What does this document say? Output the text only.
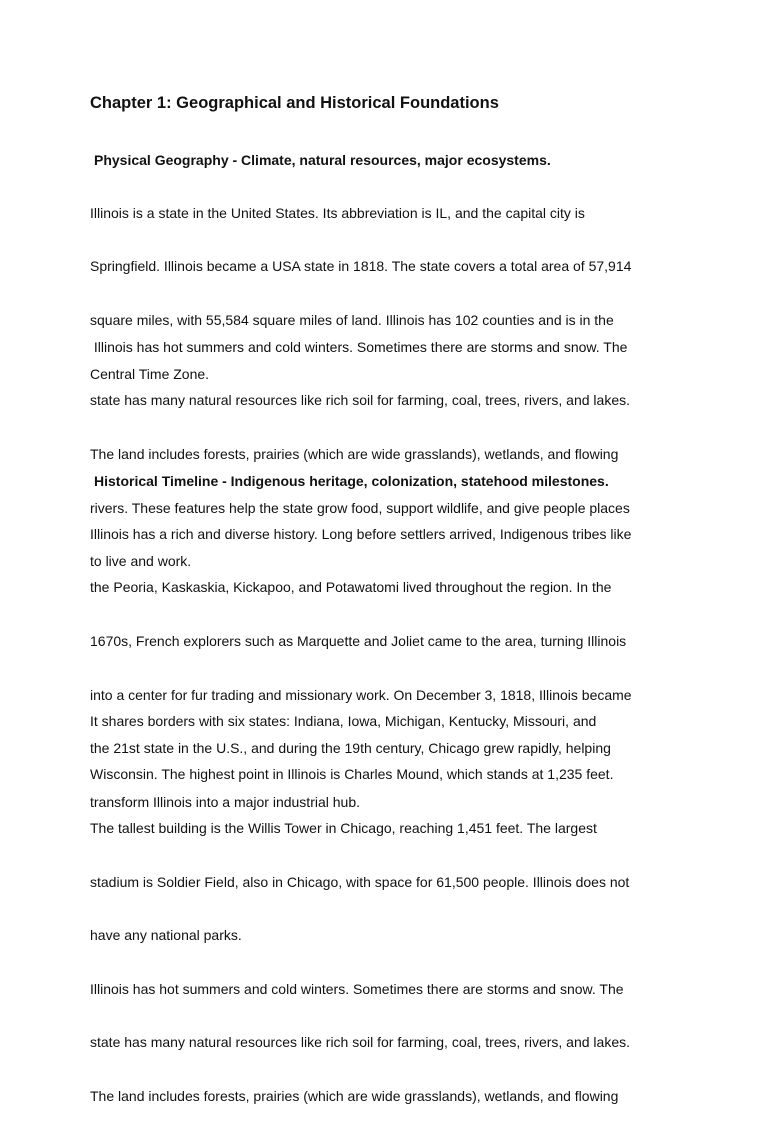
Chapter 1: Geographical and Historical Foundations
Physical Geography - Climate, natural resources, major ecosystems.

Illinois is a state in the United States. Its abbreviation is IL, and the capital city is

Springfield. Illinois became a USA state in 1818. The state covers a total area of 57,914

square miles, with 55,584 square miles of land. Illinois has 102 counties and is in the

Central Time Zone.

Illinois has hot summers and cold winters. Sometimes there are storms and snow. The

state has many natural resources like rich soil for farming, coal, trees, rivers, and lakes.

The land includes forests, prairies (which are wide grasslands), wetlands, and flowing

rivers. These features help the state grow food, support wildlife, and give people places

to live and work.

Historical Timeline - Indigenous heritage, colonization, statehood milestones.

Illinois has a rich and diverse history. Long before settlers arrived, Indigenous tribes like

the Peoria, Kaskaskia, Kickapoo, and Potawatomi lived throughout the region. In the

1670s, French explorers such as Marquette and Joliet came to the area, turning Illinois

into a center for fur trading and missionary work. On December 3, 1818, Illinois became

the 21st state in the U.S., and during the 19th century, Chicago grew rapidly, helping

transform Illinois into a major industrial hub.

It shares borders with six states: Indiana, Iowa, Michigan, Kentucky, Missouri, and

Wisconsin. The highest point in Illinois is Charles Mound, which stands at 1,235 feet.

The tallest building is the Willis Tower in Chicago, reaching 1,451 feet. The largest

stadium is Soldier Field, also in Chicago, with space for 61,500 people. Illinois does not

have any national parks.

Illinois has hot summers and cold winters. Sometimes there are storms and snow. The

state has many natural resources like rich soil for farming, coal, trees, rivers, and lakes.

The land includes forests, prairies (which are wide grasslands), wetlands, and flowing
